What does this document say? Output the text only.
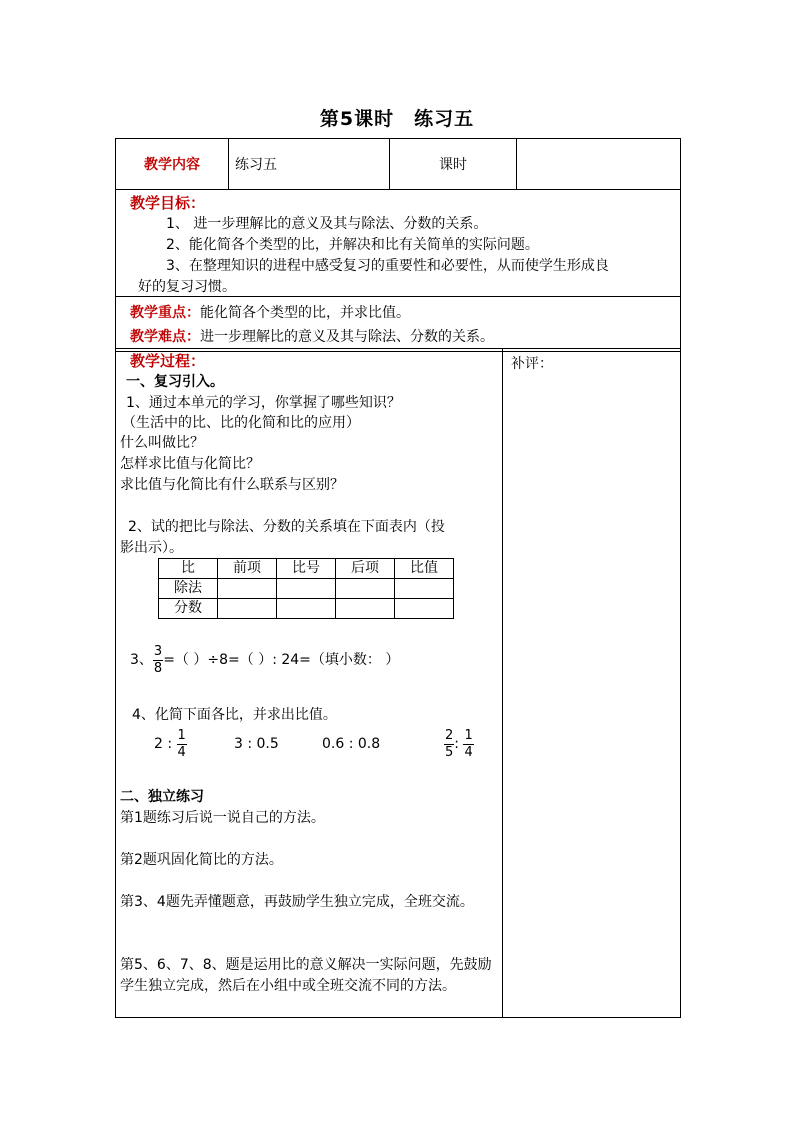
第5课时 练习五
教学内容	练习五	课时
教学目标：
1、 进一步理解比的意义及其与除法、分数的关系。
2、能化简各个类型的比，并解决和比有关简单的实际问题。
3、在整理知识的进程中感受复习的重要性和必要性，从而使学生形成良
好的复习习惯。
教学重点：能化简各个类型的比，并求比值。
教学难点：进一步理解比的意义及其与除法、分数的关系。
教学过程：
一、复习引入。
1、通过本单元的学习，你掌握了哪些知识？
（生活中的比、比的化简和比的应用）
什么叫做比？
怎样求比值与化简比？
求比值与化简比有什么联系与区别？
2、试的把比与除法、分数的关系填在下面表内（投
影出示）。
比	前项	比号	后项	比值
除法				
分数				
3、 $\frac{3}{8}$ =（ ）÷8=（ ）: 24=（填小数： ）
4、化简下面各比，并求出比值。
2 : $\frac{1}{4}$	3 : 0.5	0.6 : 0.8	$\frac{2}{5}$ : $\frac{1}{4}$
二、独立练习
第1题练习后说一说自己的方法。
第2题巩固化简比的方法。
第3、4题先弄懂题意，再鼓励学生独立完成，全班交流。
第5、6、7、8、题是运用比的意义解决一实际问题，先鼓励学生独立完成，然后在小组中或全班交流不同的方法。
补评：
